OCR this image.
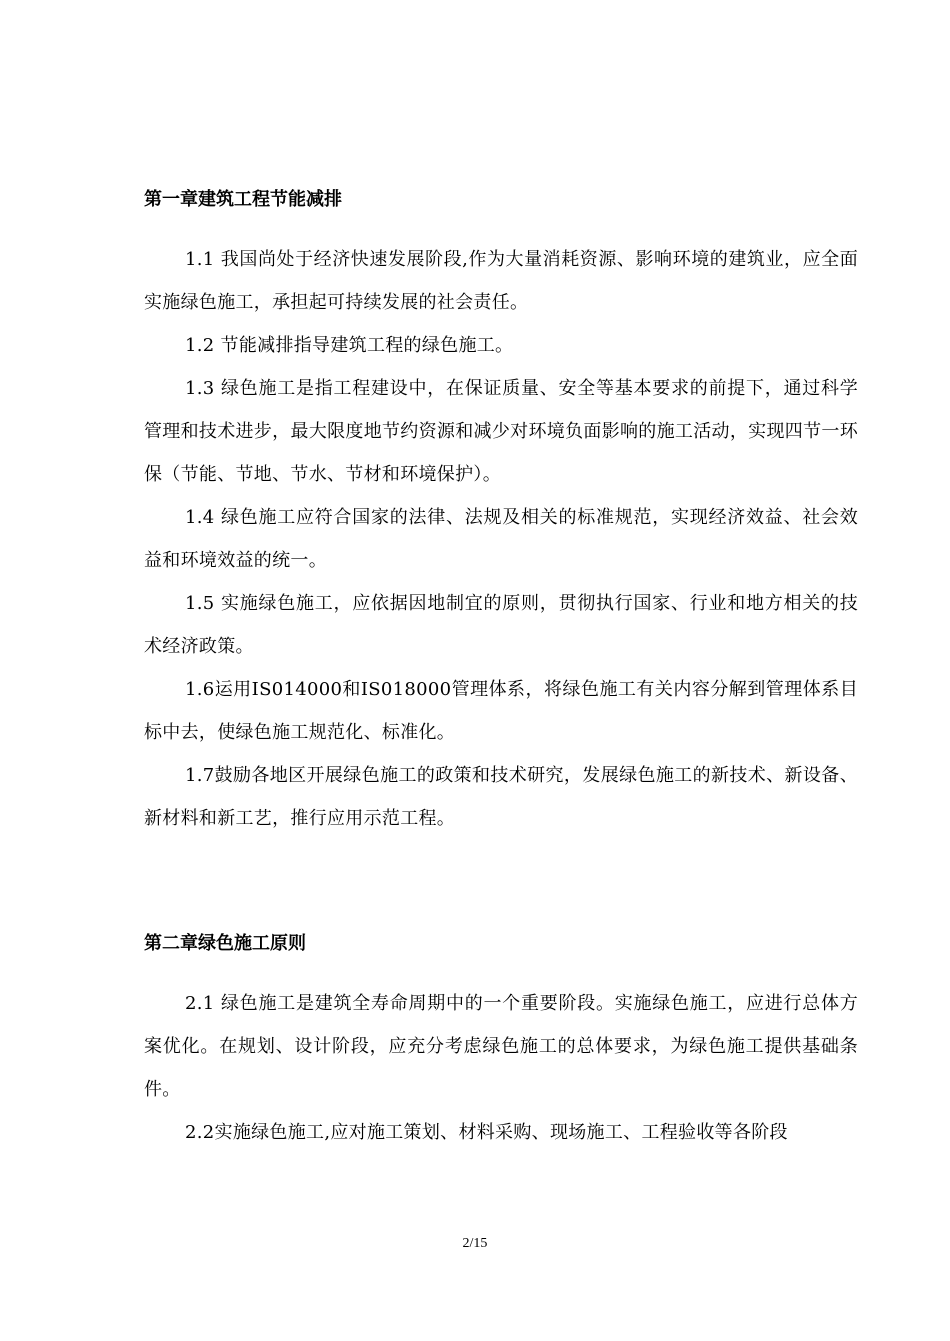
第一章建筑工程节能减排

1.1 我国尚处于经济快速发展阶段,作为大量消耗资源、影响环境的建筑业，应全面实施绿色施工，承担起可持续发展的社会责任。

1.2 节能减排指导建筑工程的绿色施工。

1.3 绿色施工是指工程建设中，在保证质量、安全等基本要求的前提下，通过科学管理和技术进步，最大限度地节约资源和减少对环境负面影响的施工活动，实现四节一环保（节能、节地、节水、节材和环境保护）。

1.4 绿色施工应符合国家的法律、法规及相关的标准规范，实现经济效益、社会效益和环境效益的统一。

1.5 实施绿色施工，应依据因地制宜的原则，贯彻执行国家、行业和地方相关的技术经济政策。

1.6运用IS014000和IS018000管理体系，将绿色施工有关内容分解到管理体系目标中去，使绿色施工规范化、标准化。

1.7鼓励各地区开展绿色施工的政策和技术研究，发展绿色施工的新技术、新设备、新材料和新工艺，推行应用示范工程。

第二章绿色施工原则

2.1 绿色施工是建筑全寿命周期中的一个重要阶段。实施绿色施工，应进行总体方案优化。在规划、设计阶段，应充分考虑绿色施工的总体要求，为绿色施工提供基础条件。

2.2实施绿色施工,应对施工策划、材料采购、现场施工、工程验收等各阶段

2/15
